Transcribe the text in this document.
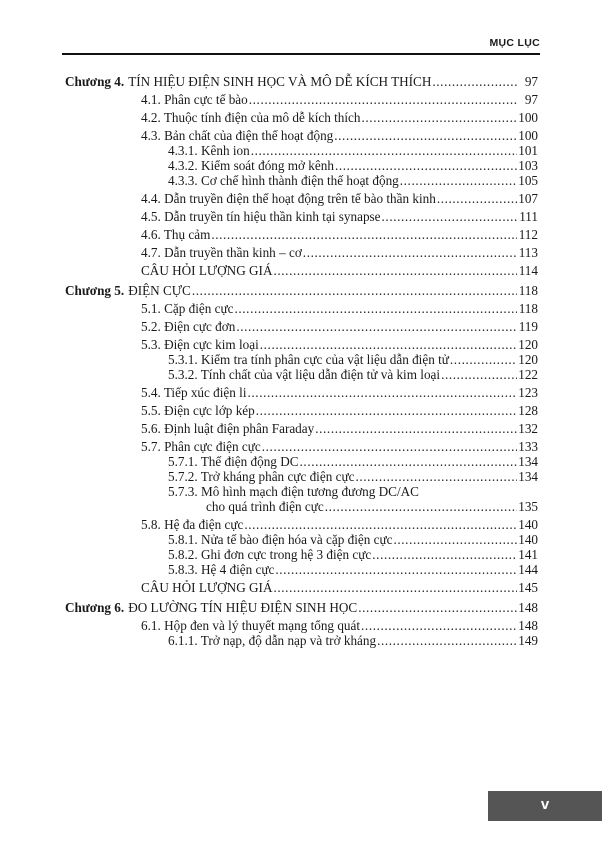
MỤC LỤC
Chương 4. TÍN HIỆU ĐIỆN SINH HỌC VÀ MÔ DỄ KÍCH THÍCH .....	97
4.1. Phân cực tế bào .....	97
4.2. Thuộc tính điện của mô dễ kích thích .....	100
4.3. Bản chất của điện thế hoạt động .....	100
4.3.1. Kênh ion .....	101
4.3.2. Kiểm soát đóng mở kênh .....	103
4.3.3. Cơ chế hình thành điện thế hoạt động .....	105
4.4. Dẫn truyền điện thế hoạt động trên tế bào thần kinh .....	107
4.5. Dẫn truyền tín hiệu thần kinh tại synapse .....	111
4.6. Thụ cảm .....	112
4.7. Dẫn truyền thần kinh – cơ .....	113
CÂU HỎI LƯỢNG GIÁ .....	114
Chương 5. ĐIỆN CỰC .....	118
5.1. Cặp điện cực .....	118
5.2. Điện cực đơn .....	119
5.3. Điện cực kim loại .....	120
5.3.1. Kiểm tra tính phân cực của vật liệu dẫn điện tử .....	120
5.3.2. Tính chất của vật liệu dẫn điện tử và kim loại .....	122
5.4. Tiếp xúc điện li .....	123
5.5. Điện cực lớp kép .....	128
5.6. Định luật điện phân Faraday .....	132
5.7. Phân cực điện cực .....	133
5.7.1. Thế điện động DC .....	134
5.7.2. Trở kháng phân cực điện cực .....	134
5.7.3. Mô hình mạch điện tương đương DC/AC
cho quá trình điện cực .....	135
5.8. Hệ đa điện cực .....	140
5.8.1. Nửa tế bào điện hóa và cặp điện cực .....	140
5.8.2. Ghi đơn cực trong hệ 3 điện cực .....	141
5.8.3. Hệ 4 điện cực .....	144
CÂU HỎI LƯỢNG GIÁ .....	145
Chương 6. ĐO LƯỜNG TÍN HIỆU ĐIỆN SINH HỌC .....	148
6.1. Hộp đen và lý thuyết mạng tổng quát .....	148
6.1.1. Trở nạp, độ dẫn nạp và trở kháng .....	149
v
